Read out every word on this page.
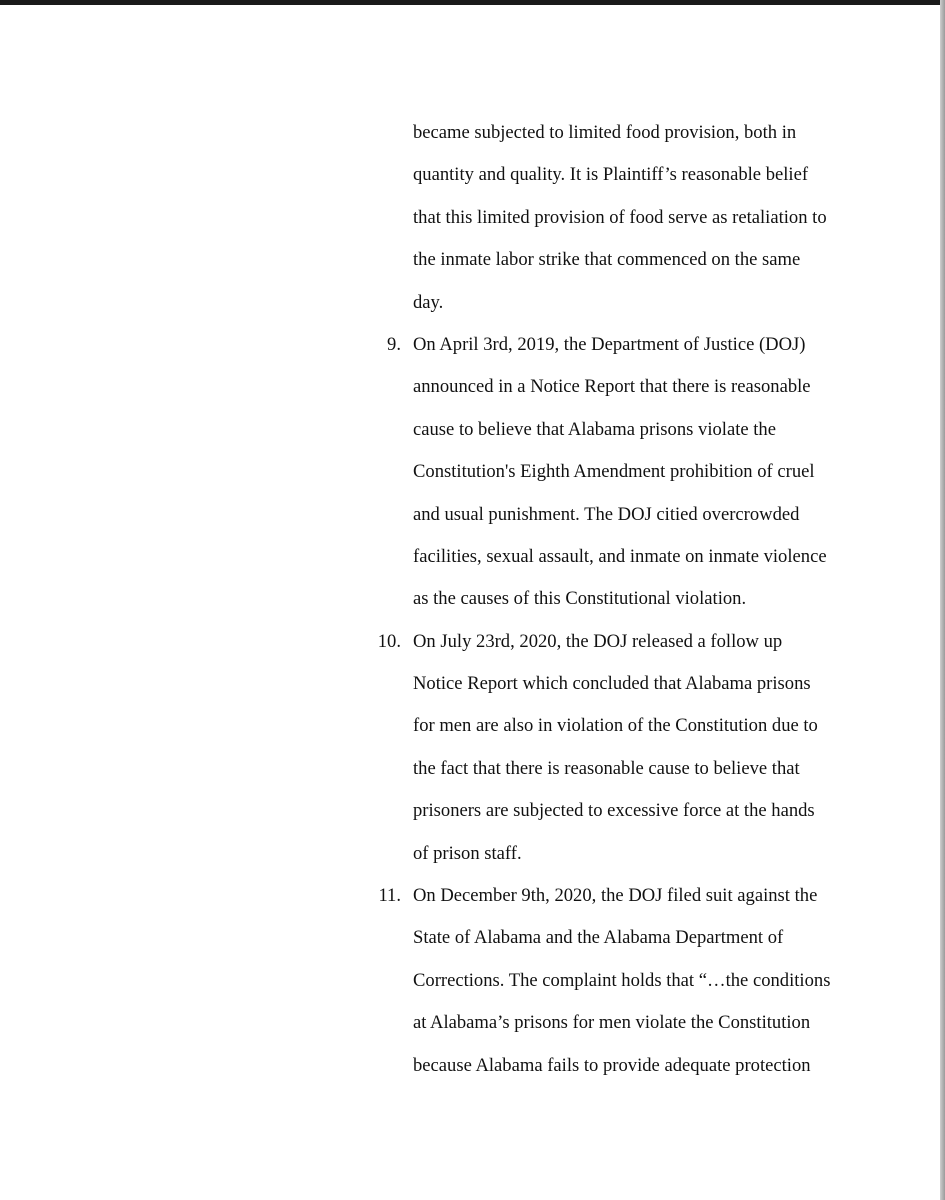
became subjected to limited food provision, both in
quantity and quality. It is Plaintiff’s reasonable belief
that this limited provision of food serve as retaliation to
the inmate labor strike that commenced on the same
day.
9. On April 3rd, 2019, the Department of Justice (DOJ)
announced in a Notice Report that there is reasonable
cause to believe that Alabama prisons violate the
Constitution's Eighth Amendment prohibition of cruel
and usual punishment. The DOJ citied overcrowded
facilities, sexual assault, and inmate on inmate violence
as the causes of this Constitutional violation.
10. On July 23rd, 2020, the DOJ released a follow up
Notice Report which concluded that Alabama prisons
for men are also in violation of the Constitution due to
the fact that there is reasonable cause to believe that
prisoners are subjected to excessive force at the hands
of prison staff.
11. On December 9th, 2020, the DOJ filed suit against the
State of Alabama and the Alabama Department of
Corrections. The complaint holds that “…the conditions
at Alabama’s prisons for men violate the Constitution
because Alabama fails to provide adequate protection
